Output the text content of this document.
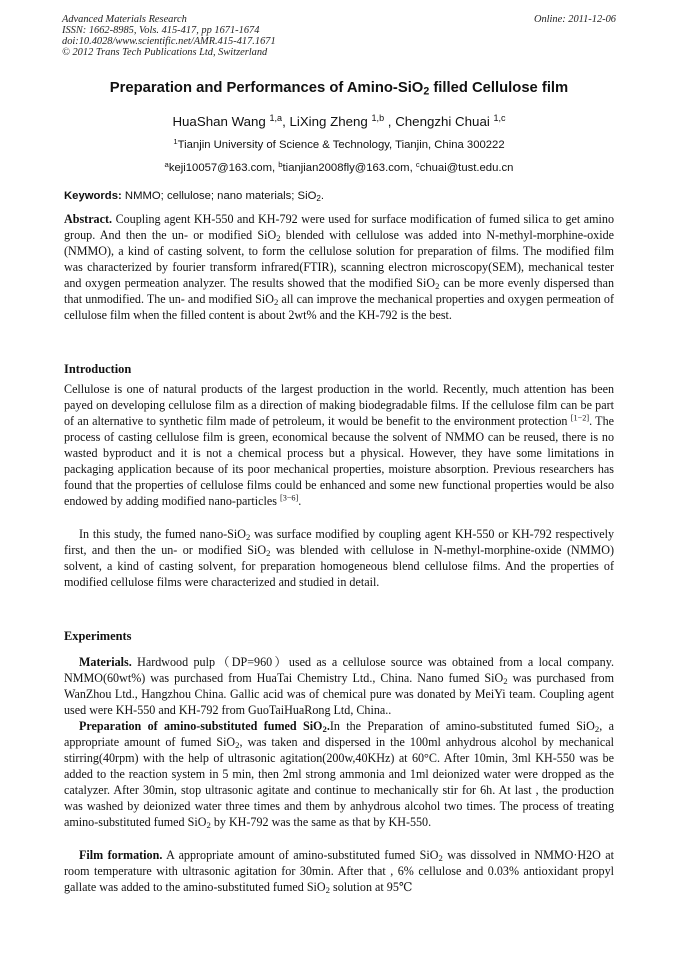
Advanced Materials Research
ISSN: 1662-8985, Vols. 415-417, pp 1671-1674
doi:10.4028/www.scientific.net/AMR.415-417.1671
© 2012 Trans Tech Publications Ltd, Switzerland
Online: 2011-12-06
Preparation and Performances of Amino-SiO$_2$ filled Cellulose film
HuaShan Wang $^{1,a}$, LiXing Zheng $^{1,b}$ , Chengzhi Chuai $^{1,c}$
$^1$Tianjin University of Science & Technology, Tianjin, China 300222
$^a$keji10057@163.com, $^b$tianjian2008fly@163.com, $^c$chuai@tust.edu.cn
Keywords: NMMO; cellulose; nano materials; SiO$_2$.
Abstract. Coupling agent KH-550 and KH-792 were used for surface modification of fumed silica to get amino group. And then the un- or modified SiO$_2$ blended with cellulose was added into N-methyl-morphine-oxide (NMMO), a kind of casting solvent, to form the cellulose solution for preparation of films. The modified film was characterized by fourier transform infrared(FTIR), scanning electron microscopy(SEM), mechanical tester and oxygen permeation analyzer. The results showed that the modified SiO$_2$ can be more evenly dispersed than that unmodified. The un- and modified SiO$_2$ all can improve the mechanical properties and oxygen permeation of cellulose film when the filled content is about 2wt% and the KH-792 is the best.
Introduction
Cellulose is one of natural products of the largest production in the world. Recently, much attention has been payed on developing cellulose film as a direction of making biodegradable films. If the cellulose film can be part of an alternative to synthetic film made of petroleum, it would be benefit to the environment protection [1−2]. The process of casting cellulose film is green, economical because the solvent of NMMO can be reused, there is no wasted byproduct and it is not a chemical process but a physical. However, they have some limitations in packaging application because of its poor mechanical properties, moisture absorption. Previous researchers has found that the properties of cellulose films could be enhanced and some new functional properties would be also endowed by adding modified nano-particles [3−6].
In this study, the fumed nano-SiO$_2$ was surface modified by coupling agent KH-550 or KH-792 respectively first, and then the un- or modified SiO$_2$ was blended with cellulose in N-methyl-morphine-oxide (NMMO) solvent, a kind of casting solvent, for preparation homogeneous blend cellulose films. And the properties of modified cellulose films were characterized and studied in detail.
Experiments
Materials. Hardwood pulp（DP=960）used as a cellulose source was obtained from a local company. NMMO(60wt%) was purchased from HuaTai Chemistry Ltd., China. Nano fumed SiO$_2$ was purchased from WanZhou Ltd., Hangzhou China. Gallic acid was of chemical pure was donated by MeiYi team. Coupling agent used were KH-550 and KH-792 from GuoTaiHuaRong Ltd, China..
Preparation of amino-substituted fumed SiO$_2$.In the Preparation of amino-substituted fumed SiO$_2$, a appropriate amount of fumed SiO$_2$, was taken and dispersed in the 100ml anhydrous alcohol by mechanical stirring(40rpm) with the help of ultrasonic agitation(200w,40KHz) at 60°C. After 10min, 3ml KH-550 was be added to the reaction system in 5 min, then 2ml strong ammonia and 1ml deionized water were dropped as the catalyzer. After 30min, stop ultrasonic agitate and continue to mechanically stir for 6h. At last , the production was washed by deionized water three times and them by anhydrous alcohol two times. The process of treating amino-substituted fumed SiO$_2$ by KH-792 was the same as that by KH-550.
Film formation. A appropriate amount of amino-substituted fumed SiO$_2$ was dissolved in NMMO·H2O at room temperature with ultrasonic agitation for 30min. After that , 6% cellulose and 0.03% antioxidant propyl gallate was added to the amino-substituted fumed SiO$_2$ solution at 95℃
